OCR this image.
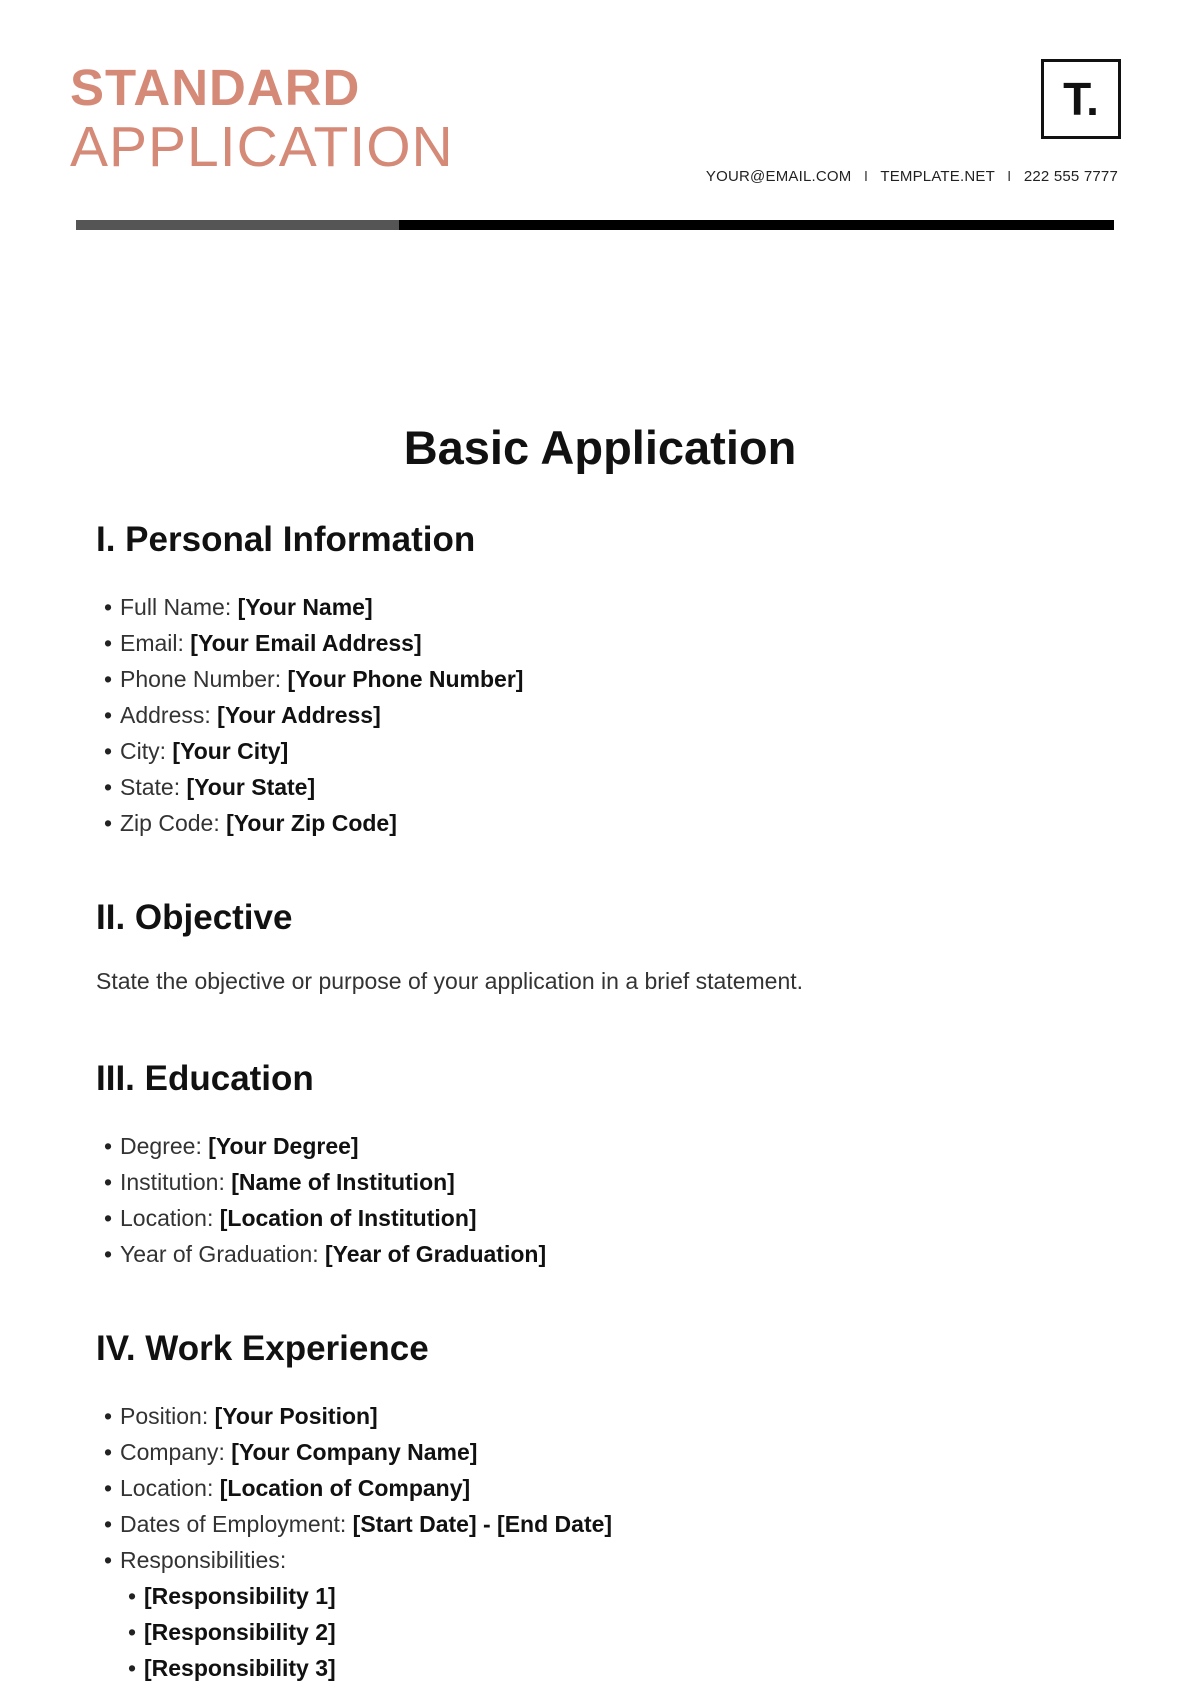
STANDARD
APPLICATION
T.
YOUR@EMAIL.COM I TEMPLATE.NET I 222 555 7777
Basic Application
I. Personal Information
• Full Name: [Your Name]
• Email: [Your Email Address]
• Phone Number: [Your Phone Number]
• Address: [Your Address]
• City: [Your City]
• State: [Your State]
• Zip Code: [Your Zip Code]
II. Objective

State the objective or purpose of your application in a brief statement.

III. Education
• Degree: [Your Degree]
• Institution: [Name of Institution]
• Location: [Location of Institution]
• Year of Graduation: [Year of Graduation]
IV. Work Experience
• Position: [Your Position]
• Company: [Your Company Name]
• Location: [Location of Company]
• Dates of Employment: [Start Date] - [End Date]
• Responsibilities:
• [Responsibility 1]
• [Responsibility 2]
• [Responsibility 3]
